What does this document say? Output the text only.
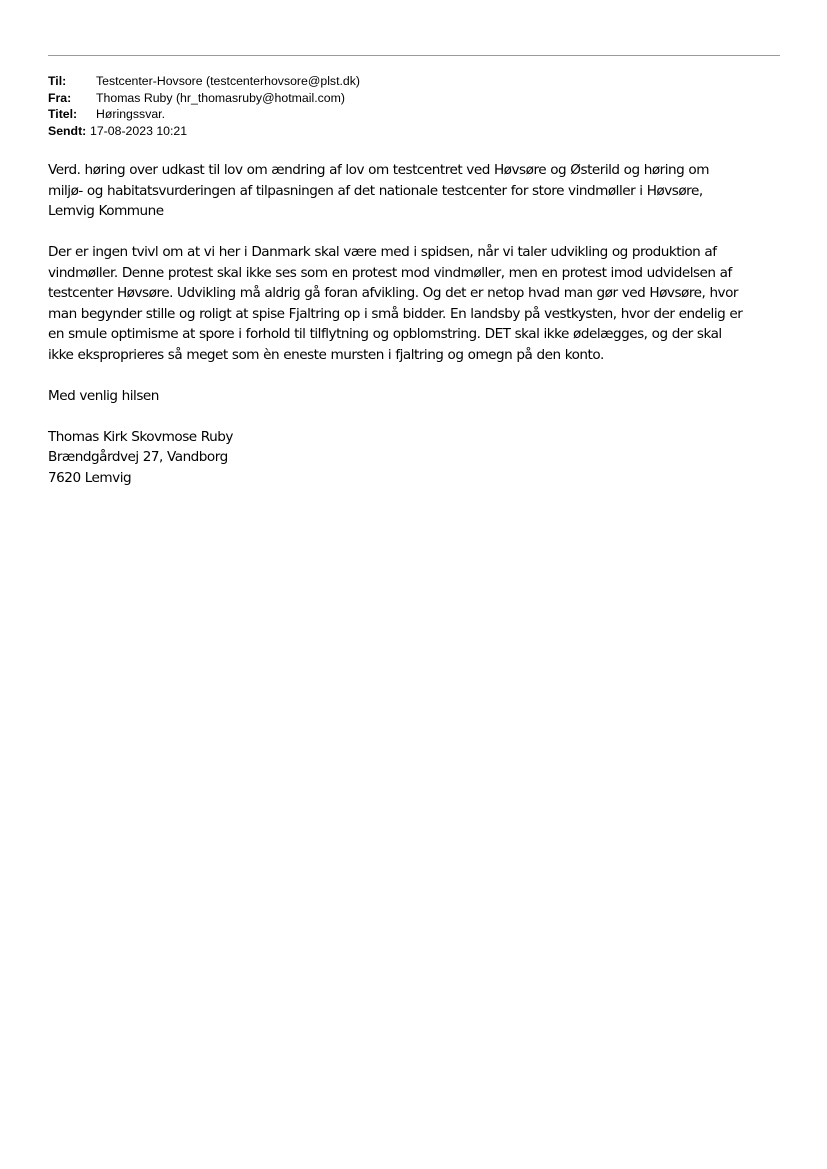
Til:	Testcenter-Hovsore (testcenterhovsore@plst.dk)
Fra:	Thomas Ruby (hr_thomasruby@hotmail.com)
Titel:	Høringssvar.
Sendt: 17-08-2023 10:21

Verd. høring over udkast til lov om ændring af lov om testcentret ved Høvsøre og Østerild og høring om
miljø- og habitatsvurderingen af tilpasningen af det nationale testcenter for store vindmøller i Høvsøre,
Lemvig Kommune

Der er ingen tvivl om at vi her i Danmark skal være med i spidsen, når vi taler udvikling og produktion af
vindmøller. Denne protest skal ikke ses som en protest mod vindmøller, men en protest imod udvidelsen af
testcenter Høvsøre. Udvikling må aldrig gå foran afvikling. Og det er netop hvad man gør ved Høvsøre, hvor
man begynder stille og roligt at spise Fjaltring op i små bidder. En landsby på vestkysten, hvor der endelig er
en smule optimisme at spore i forhold til tilflytning og opblomstring. DET skal ikke ødelægges, og der skal
ikke eksproprieres så meget som èn eneste mursten i fjaltring og omegn på den konto.

Med venlig hilsen

Thomas Kirk Skovmose Ruby
Brændgårdvej 27, Vandborg
7620 Lemvig
